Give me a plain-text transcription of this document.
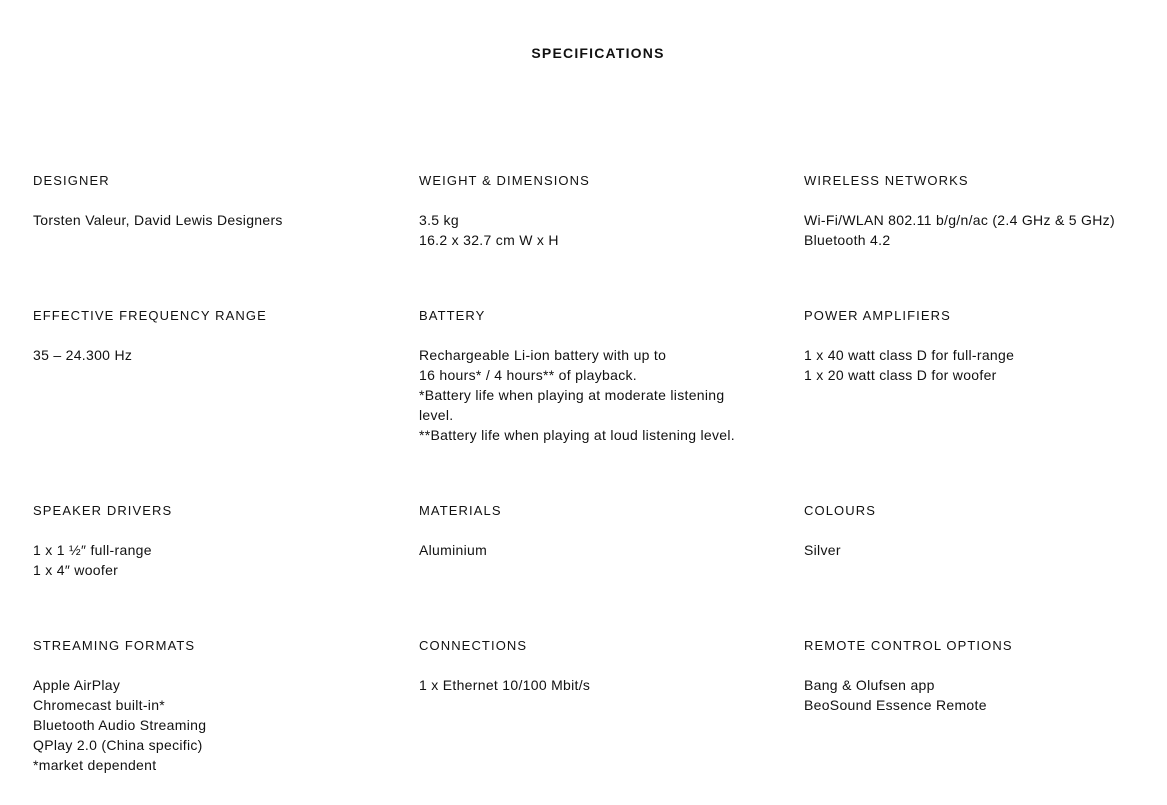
SPECIFICATIONS
DESIGNER
Torsten Valeur, David Lewis Designers
WEIGHT & DIMENSIONS
3.5 kg
16.2 x 32.7 cm W x H
WIRELESS NETWORKS
Wi-Fi/WLAN 802.11 b/g/n/ac (2.4 GHz & 5 GHz)
Bluetooth 4.2
EFFECTIVE FREQUENCY RANGE
35 – 24.300 Hz
BATTERY
Rechargeable Li-ion battery with up to
16 hours* / 4 hours** of playback.
*Battery life when playing at moderate listening
level.
**Battery life when playing at loud listening level.
POWER AMPLIFIERS
1 x 40 watt class D for full-range
1 x 20 watt class D for woofer
SPEAKER DRIVERS
1 x 1 ½″ full-range
1 x 4″ woofer
MATERIALS
Aluminium
COLOURS
Silver
STREAMING FORMATS
Apple AirPlay
Chromecast built-in*
Bluetooth Audio Streaming
QPlay 2.0 (China specific)
*market dependent
CONNECTIONS
1 x Ethernet 10/100 Mbit/s
REMOTE CONTROL OPTIONS
Bang & Olufsen app
BeoSound Essence Remote
